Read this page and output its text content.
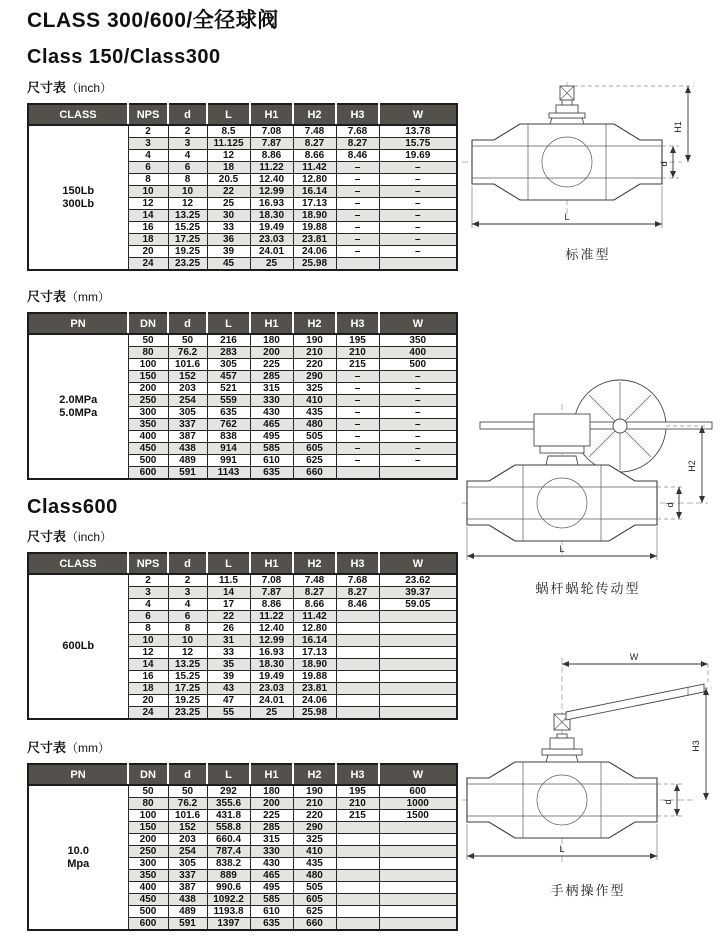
CLASS 300/600/全径球阀
Class 150/Class300
尺寸表（inch）
CLASS	NPS	d	L	H1	H2	H3	W
150Lb
300Lb	2	2	8.5	7.08	7.48	7.68	13.78
	3	3	11.125	7.87	8.27	8.27	15.75
	4	4	12	8.86	8.66	8.46	19.69
	6	6	18	11.22	11.42	–	–
	8	8	20.5	12.40	12.80	–	–
	10	10	22	12.99	16.14	–	–
	12	12	25	16.93	17.13	–	–
	14	13.25	30	18.30	18.90	–	–
	16	15.25	33	19.49	19.88	–	–
	18	17.25	36	23.03	23.81	–	–
	20	19.25	39	24.01	24.06	–	–
	24	23.25	45	25	25.98		
尺寸表（mm）
PN	DN	d	L	H1	H2	H3	W
2.0MPa
5.0MPa	50	50	216	180	190	195	350
	80	76.2	283	200	210	210	400
	100	101.6	305	225	220	215	500
	150	152	457	285	290	–	–
	200	203	521	315	325	–	–
	250	254	559	330	410	–	–
	300	305	635	430	435	–	–
	350	337	762	465	480	–	–
	400	387	838	495	505	–	–
	450	438	914	585	605	–	–
	500	489	991	610	625	–	–
	600	591	1143	635	660		
Class600
尺寸表（inch）
CLASS	NPS	d	L	H1	H2	H3	W
600Lb	2	2	11.5	7.08	7.48	7.68	23.62
	3	3	14	7.87	8.27	8.27	39.37
	4	4	17	8.86	8.66	8.46	59.05
	6	6	22	11.22	11.42		
	8	8	26	12.40	12.80		
	10	10	31	12.99	16.14		
	12	12	33	16.93	17.13		
	14	13.25	35	18.30	18.90		
	16	15.25	39	19.49	19.88		
	18	17.25	43	23.03	23.81		
	20	19.25	47	24.01	24.06		
	24	23.25	55	25	25.98		
尺寸表（mm）
PN	DN	d	L	H1	H2	H3	W
10.0
Mpa	50	50	292	180	190	195	600
	80	76.2	355.6	200	210	210	1000
	100	101.6	431.8	225	220	215	1500
	150	152	558.8	285	290		
	200	203	660.4	315	325		
	250	254	787.4	330	410		
	300	305	838.2	430	435		
	350	337	889	465	480		
	400	387	990.6	495	505		
	450	438	1092.2	585	605		
	500	489	1193.8	610	625		
	600	591	1397	635	660		
H1
d
L
标准型
H2
d
L
蜗杆蜗轮传动型
W
H3
d
L
手柄操作型
